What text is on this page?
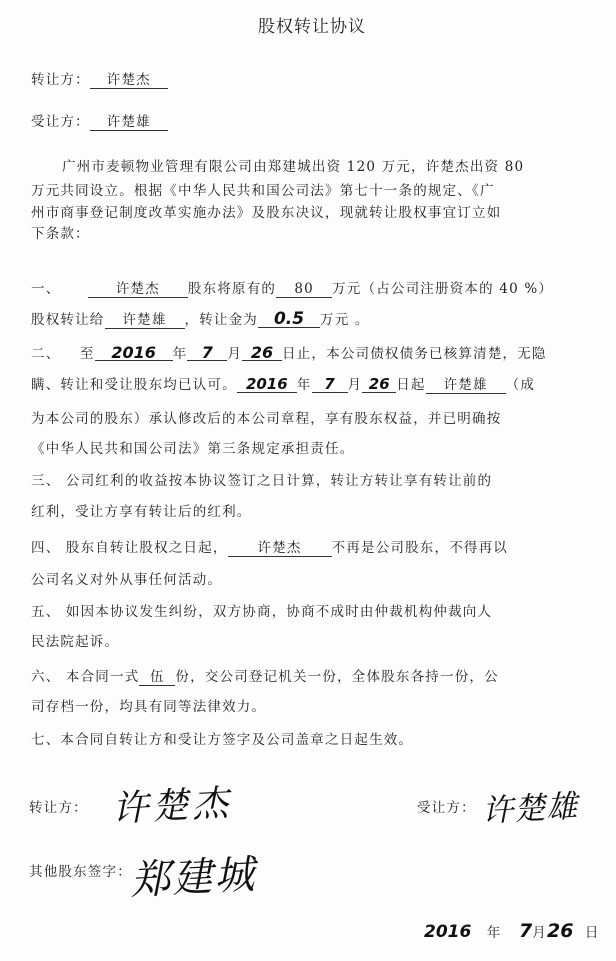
股权转让协议
转让方： 许楚杰
受让方： 许楚雄
广州市麦顿物业管理有限公司由郑建城出资 120 万元，许楚杰出资 80
万元共同设立。根据《中华人民共和国公司法》第七十一条的规定、《广
州市商事登记制度改革实施办法》及股东决议，现就转让股权事宜订立如
下条款：
一、	许楚杰 股东将原有的 80 万元（占公司注册资本的 40 %）
股权转让给 许楚雄 ，转让金为 0.5 万元 。
二、 至 2016 年 7 月 26 日止，本公司债权债务已核算清楚，无隐
瞒、转让和受让股东均已认可。 2016 年 7 月 26 日起 许楚雄 （成
为本公司的股东）承认修改后的本公司章程，享有股东权益，并已明确按
《中华人民共和国公司法》第三条规定承担责任。
三、 公司红利的收益按本协议签订之日计算，转让方转让享有转让前的
红利，受让方享有转让后的红利。
四、 股东自转让股权之日起， 许楚杰 不再是公司股东，不得再以
公司名义对外从事任何活动。
五、 如因本协议发生纠纷，双方协商，协商不成时由仲裁机构仲裁向人
民法院起诉。
六、 本合同一式 伍 份，交公司登记机关一份，全体股东各持一份，公
司存档一份，均具有同等法律效力。
七、本合同自转让方和受让方签字及公司盖章之日起生效。
转让方： 许楚杰	受让方： 许楚雄
其他股东签字：
郑建城
2016 年 7月26 日
